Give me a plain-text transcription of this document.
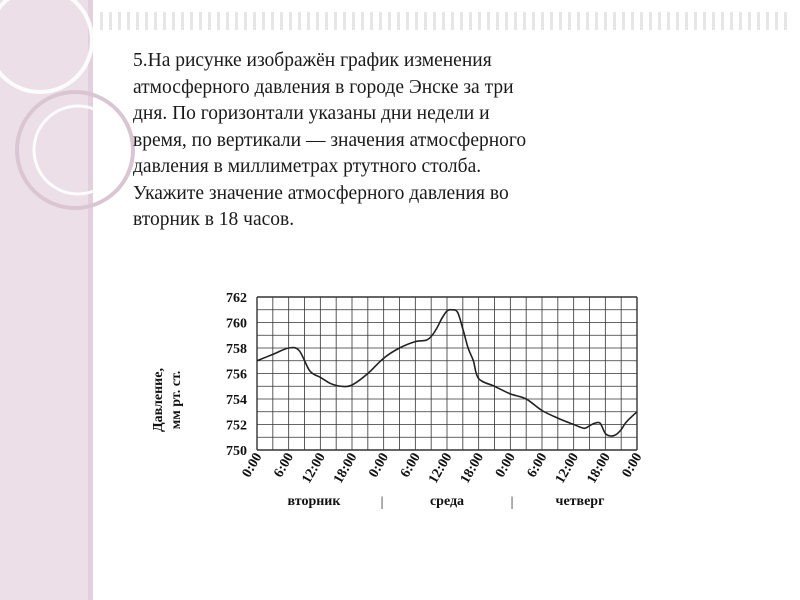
5.На рисунке изображён график изменения
атмосферного давления в городе Энске за три
дня. По горизонтали указаны дни недели и
время, по вертикали — значения атмосферного
давления в миллиметрах ртутного столба.
Укажите значение атмосферного давления во
вторник в 18 часов.
750
752
754
756
758
760
762
0:00 6:00 12:00 18:00 0:00 6:00 12:00 18:00 0:00 6:00 12:00 18:00 0:00
Давление, мм рт. ст.
вторник	среда	четверг
|	|
